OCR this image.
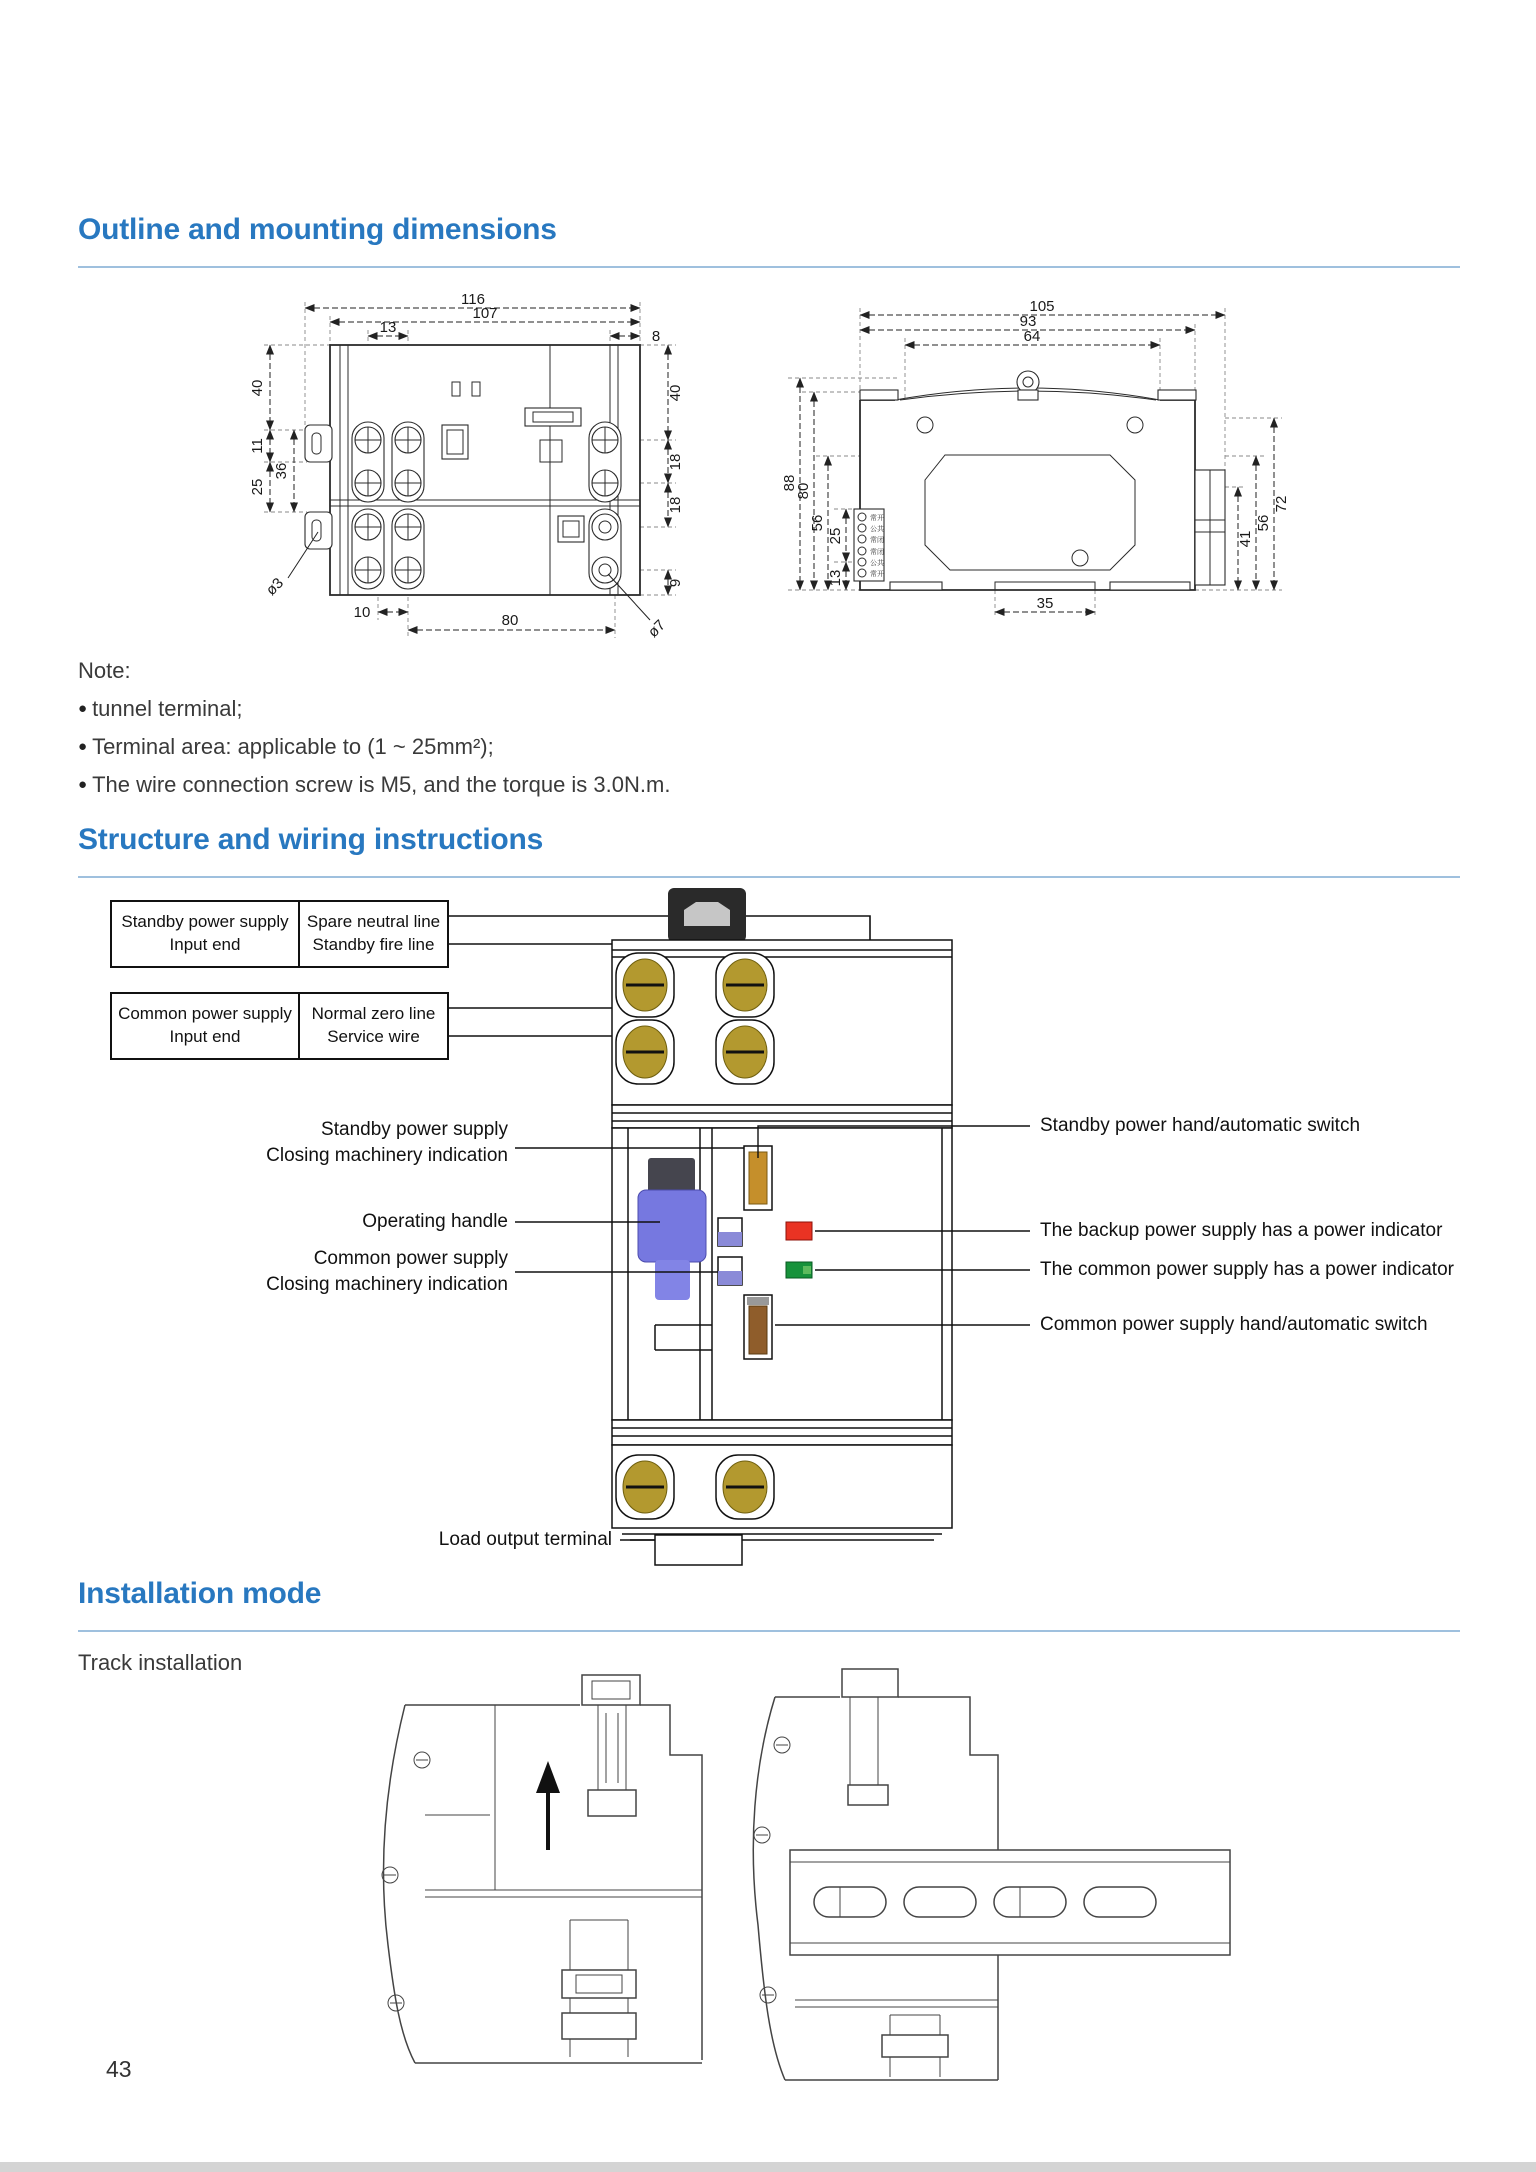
Outline and mounting dimensions
116
107
13
8
40
11
25
36
40
18
18
9
10	80
ø3
ø7
常开
公共
常闭
常闭
公共
常开
105
93
64
88
80
56
25
13
41
56
72
35
Note:
● tunnel terminal;
● Terminal area: applicable to (1 ~ 25mm²);
● The wire connection screw is M5, and the torque is 3.0N.m.
Structure and wiring instructions
Standby power supply
Input end
Spare neutral line
Standby fire line
Common power supply
Input end
Normal zero line
Service wire
Standby power supply
Closing machinery indication
Operating handle
Common power supply
Closing machinery indication
Standby power hand/automatic switch
The backup power supply has a power indicator
The common power supply has a power indicator
Common power supply hand/automatic switch
Load output terminal
Installation mode
Track installation
43
